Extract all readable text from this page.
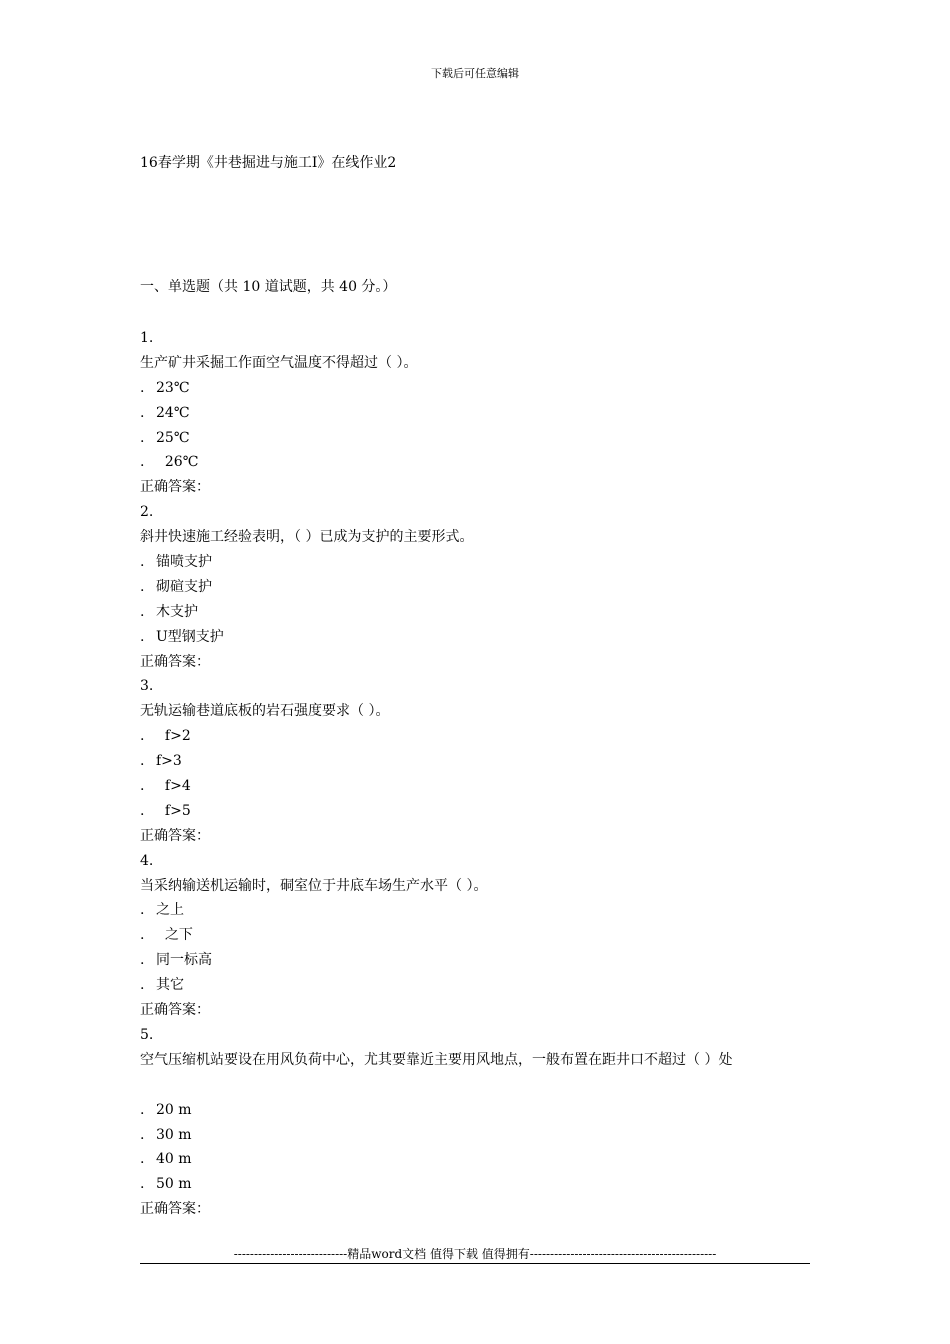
下载后可任意编辑
16春学期《井巷掘进与施工Ⅰ》在线作业2
一、单选题（共 10 道试题，共 40 分。）
1.
生产矿井采掘工作面空气温度不得超过（ ）。
. 23℃
. 24℃
. 25℃
.  26℃
正确答案：
2.
斜井快速施工经验表明，（ ）已成为支护的主要形式。
. 锚喷支护
. 砌碹支护
. 木支护
. U型钢支护
正确答案：
3.
无轨运输巷道底板的岩石强度要求（ ）。
.  f>2
. f>3
.  f>4
.  f>5
正确答案：
4.
当采纳输送机运输时，硐室位于井底车场生产水平（ ）。
. 之上
.  之下
. 同一标高
. 其它
正确答案：
5.
空气压缩机站要设在用风负荷中心，尤其要靠近主要用风地点，一般布置在距井口不超过（ ）处
. 20 m
. 30 m
. 40 m
. 50 m
正确答案：
----------------------------精品word文档 值得下载 值得拥有----------------------------------------------
